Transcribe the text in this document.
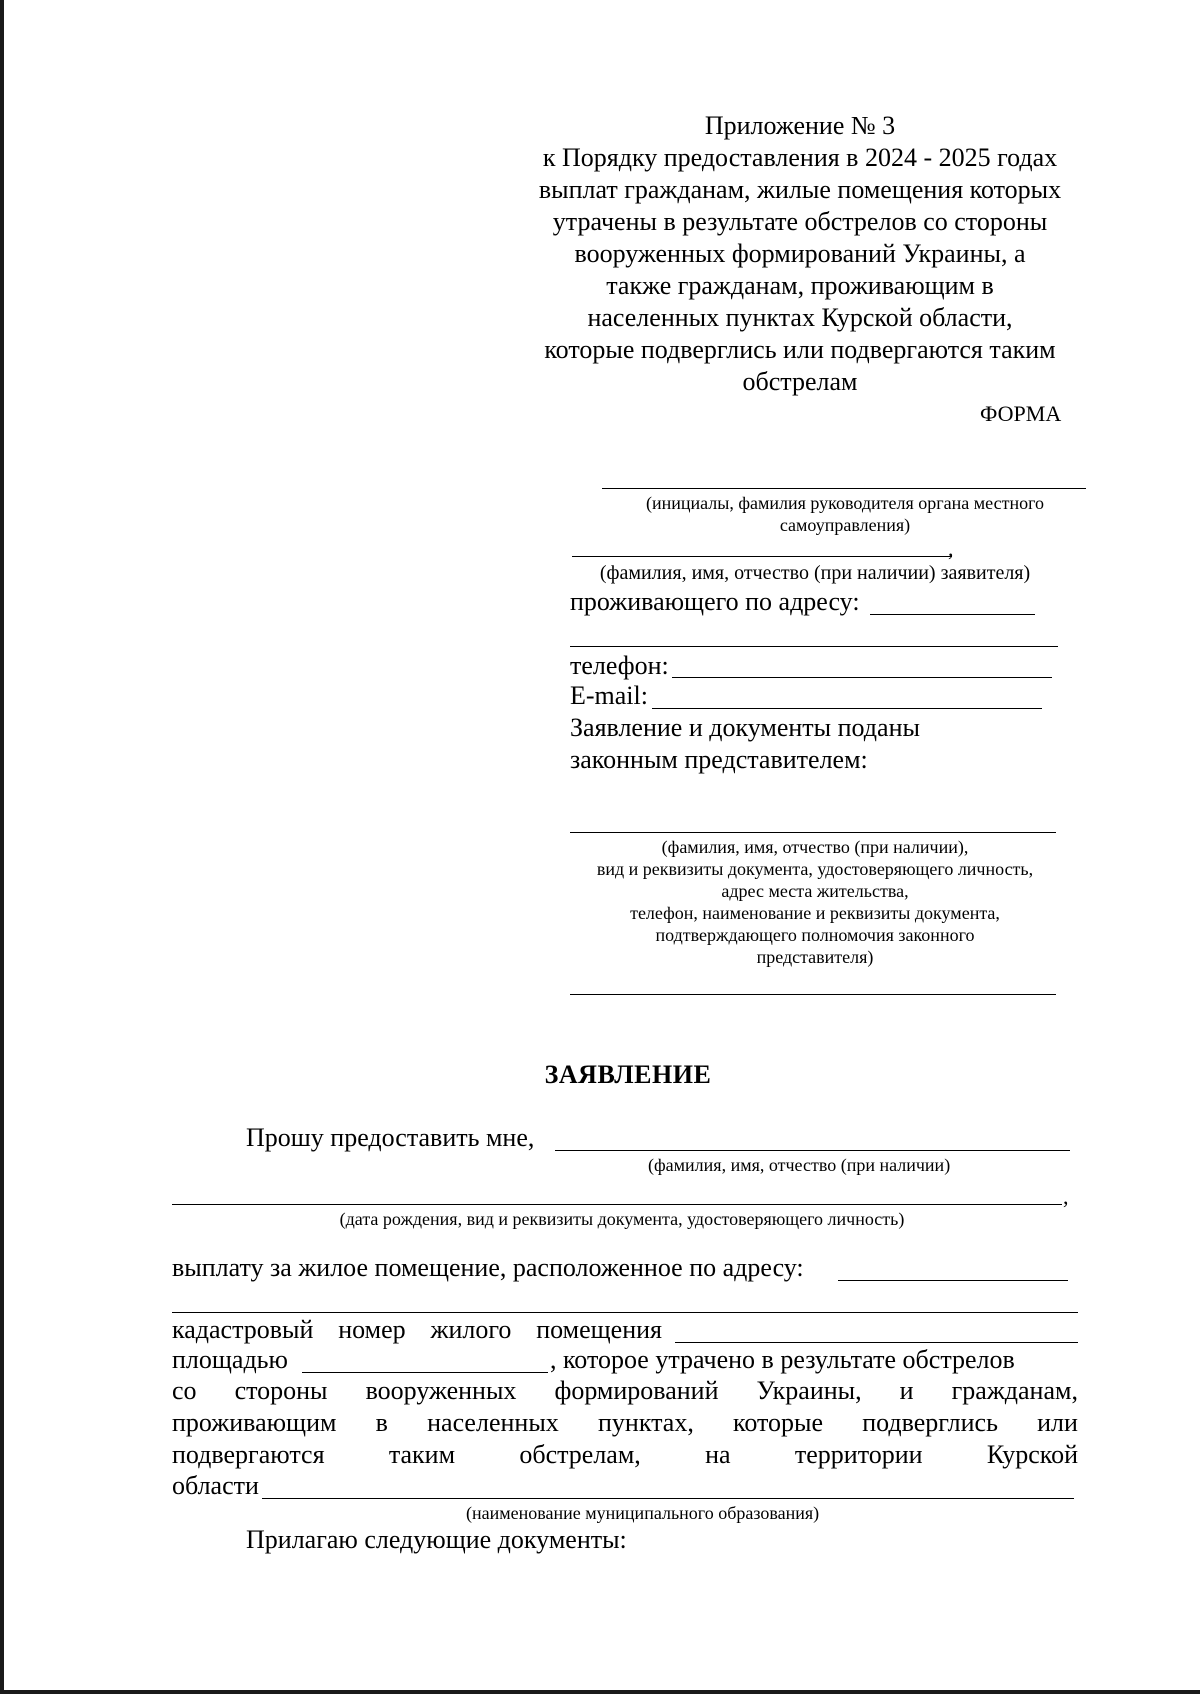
Приложение № 3
к Порядку предоставления в 2024 - 2025 годах
выплат гражданам, жилые помещения которых
утрачены в результате обстрелов со стороны
вооруженных формирований Украины, а
также гражданам, проживающим в
населенных пунктах Курской области,
которые подверглись или подвергаются таким
обстрелам
ФОРМА
(инициалы, фамилия руководителя органа местного
самоуправления)
,
(фамилия, имя, отчество (при наличии) заявителя)
проживающего по адресу:
телефон:
E-mail:
Заявление и документы поданы
законным представителем:
(фамилия, имя, отчество (при наличии),
вид и реквизиты документа, удостоверяющего личность,
адрес места жительства,
телефон, наименование и реквизиты документа,
подтверждающего полномочия законного
представителя)
ЗАЯВЛЕНИЕ
Прошу предоставить мне,
(фамилия, имя, отчество (при наличии)
,
(дата рождения, вид и реквизиты документа, удостоверяющего личность)
выплату за жилое помещение, расположенное по адресу:
кадастровый номер жилого помещения
площадью	, которое утрачено в результате обстрелов
со стороны вооруженных формирований Украины, и гражданам,
проживающим в населенных пунктах, которые подверглись или
подвергаются таким обстрелам, на территории Курской
области
(наименование муниципального образования)
Прилагаю следующие документы:
